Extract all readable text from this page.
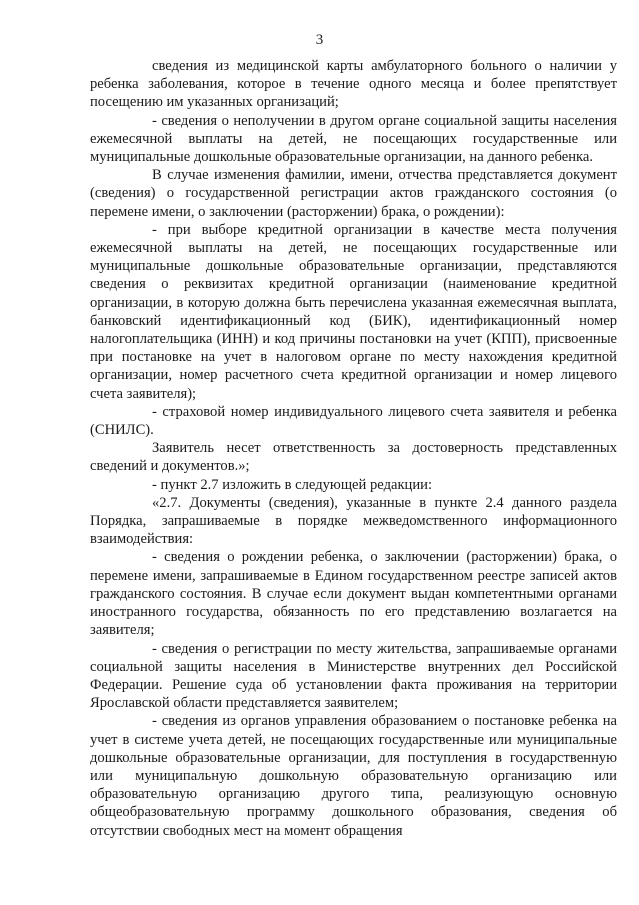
3

сведения из медицинской карты амбулаторного больного о наличии у ребенка заболевания, которое в течение одного месяца и более препятствует посещению им указанных организаций;

- сведения о неполучении в другом органе социальной защиты населения ежемесячной выплаты на детей, не посещающих государственные или муниципальные дошкольные образовательные организации, на данного ребенка.

В случае изменения фамилии, имени, отчества представляется документ (сведения) о государственной регистрации актов гражданского состояния (о перемене имени, о заключении (расторжении) брака, о рождении):

- при выборе кредитной организации в качестве места получения ежемесячной выплаты на детей, не посещающих государственные или муниципальные дошкольные образовательные организации, представляются сведения о реквизитах кредитной организации (наименование кредитной организации, в которую должна быть перечислена указанная ежемесячная выплата, банковский идентификационный код (БИК), идентификационный номер налогоплательщика (ИНН) и код причины постановки на учет (КПП), присвоенные при постановке на учет в налоговом органе по месту нахождения кредитной организации, номер расчетного счета кредитной организации и номер лицевого счета заявителя);

- страховой номер индивидуального лицевого счета заявителя и ребенка (СНИЛС).

Заявитель несет ответственность за достоверность представленных сведений и документов.»;

- пункт 2.7 изложить в следующей редакции:

«2.7. Документы (сведения), указанные в пункте 2.4 данного раздела Порядка, запрашиваемые в порядке межведомственного информационного взаимодействия:

- сведения о рождении ребенка, о заключении (расторжении) брака, о перемене имени, запрашиваемые в Едином государственном реестре записей актов гражданского состояния. В случае если документ выдан компетентными органами иностранного государства, обязанность по его представлению возлагается на заявителя;

- сведения о регистрации по месту жительства, запрашиваемые органами социальной защиты населения в Министерстве внутренних дел Российской Федерации. Решение суда об установлении факта проживания на территории Ярославской области представляется заявителем;

- сведения из органов управления образованием о постановке ребенка на учет в системе учета детей, не посещающих государственные или муниципальные дошкольные образовательные организации, для поступления в государственную или муниципальную дошкольную образовательную организацию или образовательную организацию другого типа, реализующую основную общеобразовательную программу дошкольного образования, сведения об отсутствии свободных мест на момент обращения
